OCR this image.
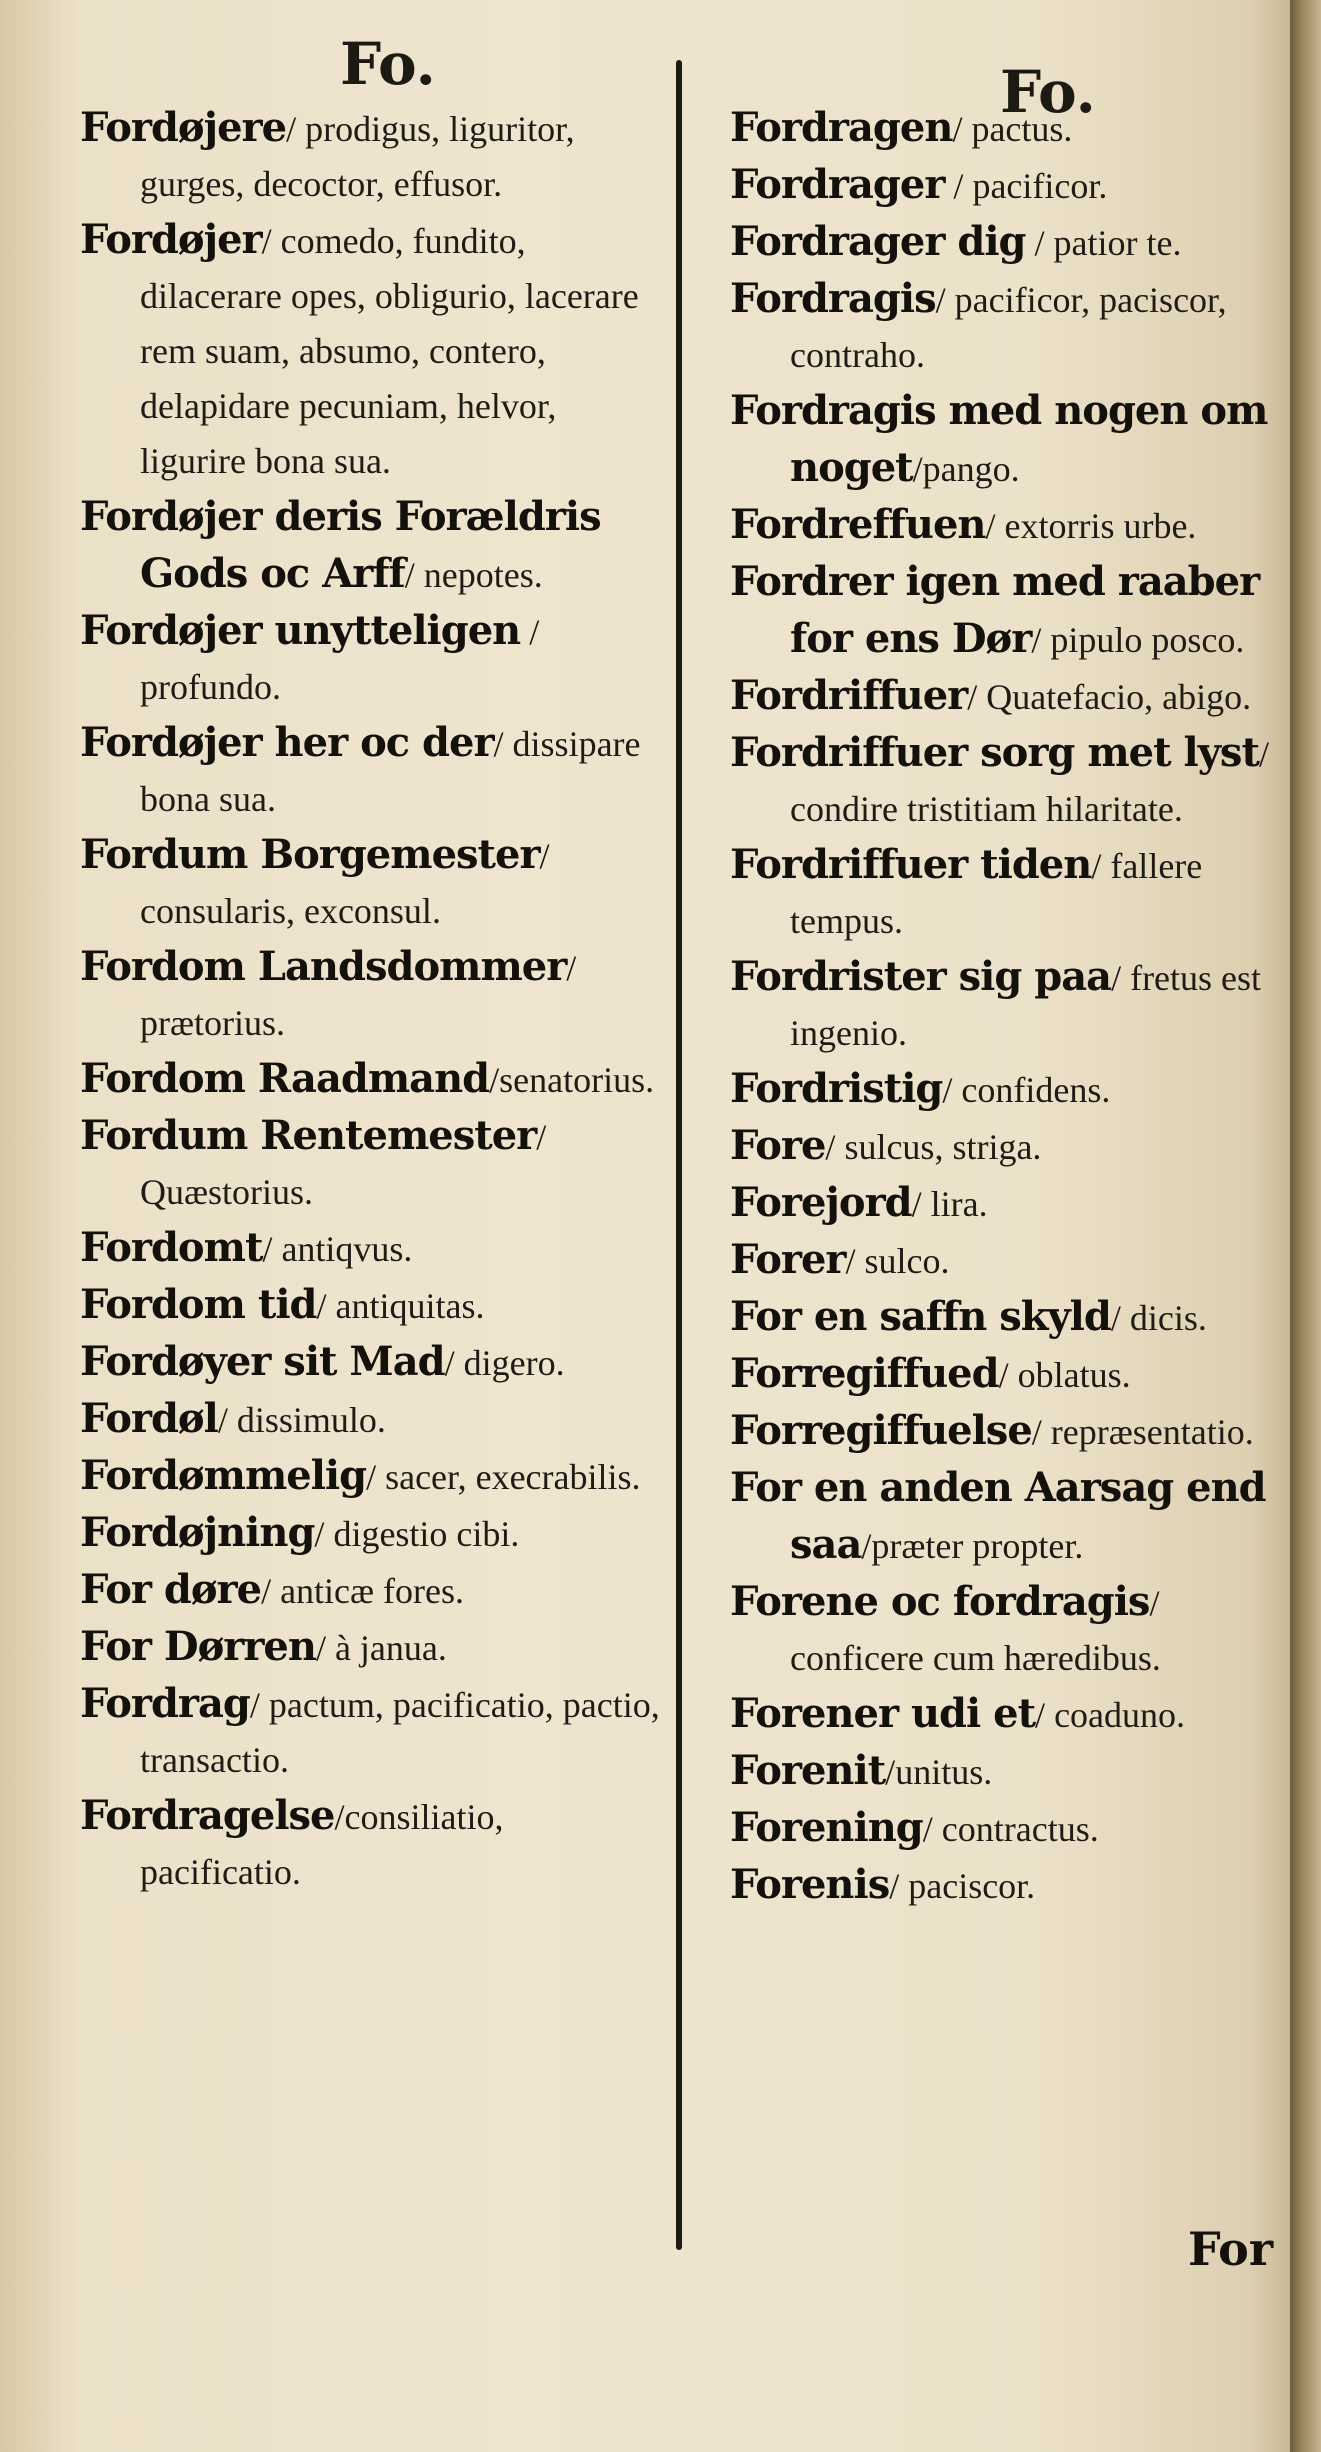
Fo.	Fo.

Fordøjere/ prodigus, liguritor, gurges, decoctor, effusor.

Fordøjer/ comedo, fundito, dilacerare opes, obligurio, lacerare rem suam, absumo, contero, delapidare pecuniam, helvor, ligurire bona sua.

Fordøjer deris Forældris Gods oc Arff/ nepotes.

Fordøjer unytteligen / profundo.

Fordøjer her oc der/ dissipare bona sua.

Fordum Borgemester/ consularis, exconsul.

Fordom Landsdommer/ prætorius.

Fordom Raadmand/senatorius.

Fordum Rentemester/ Quæstorius.

Fordomt/ antiqvus.

Fordom tid/ antiquitas.

Fordøyer sit Mad/ digero.

Fordøl/ dissimulo.

Fordømmelig/ sacer, execrabilis.

Fordøjning/ digestio cibi.

For døre/ anticæ fores.

For Dørren/ à janua.

Fordrag/ pactum, pacificatio, pactio, transactio.

Fordragelse/consiliatio, pacificatio.

Fordragen/ pactus.

Fordrager / pacificor.

Fordrager dig / patior te.

Fordragis/ pacificor, paciscor, contraho.

Fordragis med nogen om noget/pango.

Fordreffuen/ extorris urbe.

Fordrer igen med raaber for ens Dør/ pipulo posco.

Fordriffuer/ Quatefacio, abigo.

Fordriffuer sorg met lyst/ condire tristitiam hilaritate.

Fordriffuer tiden/ fallere tempus.

Fordrister sig paa/ fretus est ingenio.

Fordristig/ confidens.

Fore/ sulcus, striga.

Forejord/ lira.

Forer/ sulco.

For en saffn skyld/ dicis.

Forregiffued/ oblatus.

Forregiffuelse/ repræsentatio.

For en anden Aarsag end saa/præter propter.

Forene oc fordragis/ conficere cum hæredibus.

Forener udi et/ coaduno.

Forenit/unitus.

Forening/ contractus.

Forenis/ paciscor.

For
